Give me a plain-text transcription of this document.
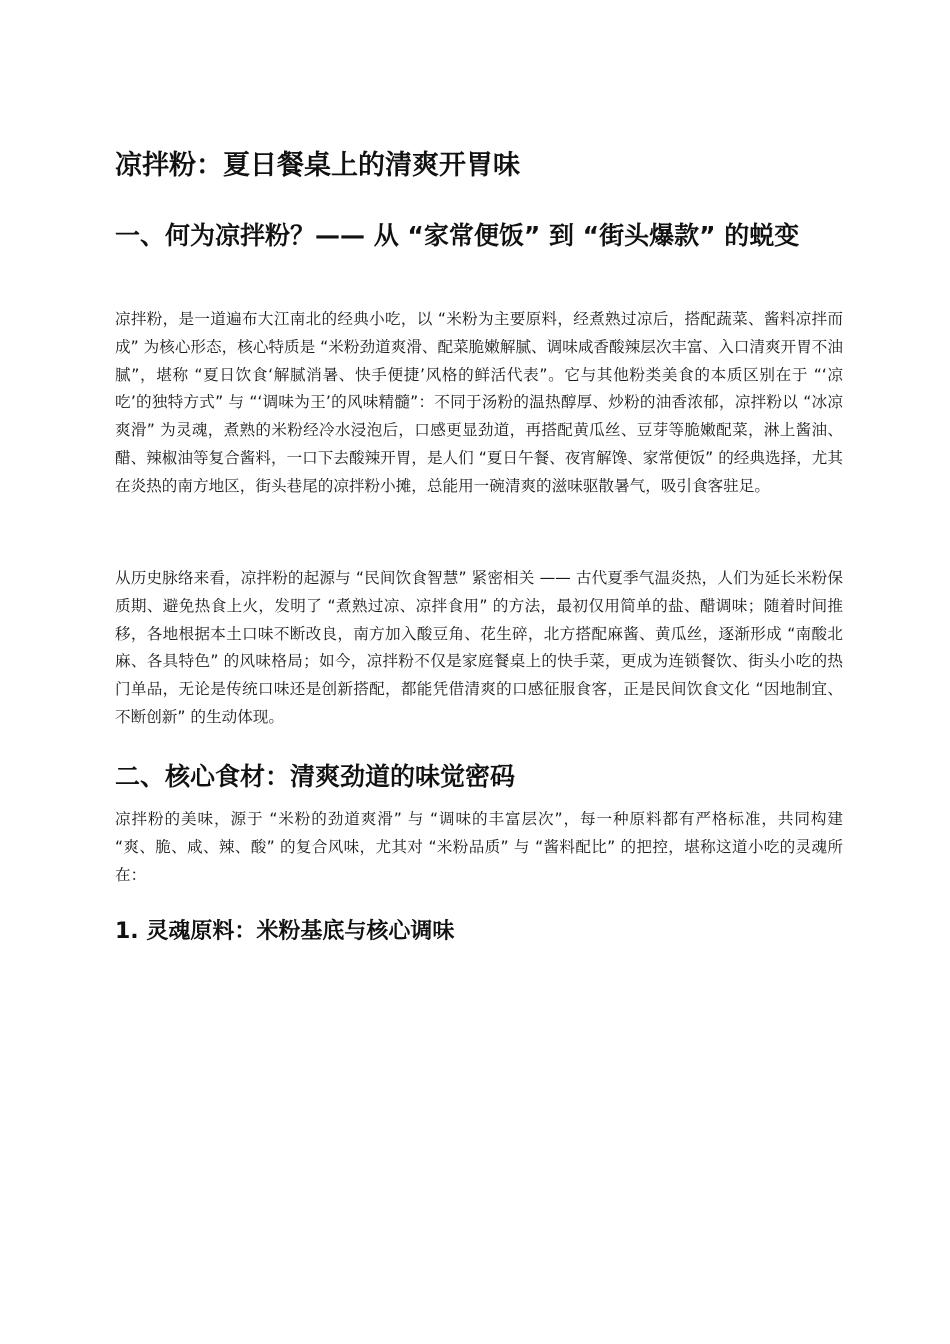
凉拌粉：夏日餐桌上的清爽开胃味
一、何为凉拌粉？—— 从 “家常便饭” 到 “街头爆款” 的蜕变

凉拌粉，是一道遍布大江南北的经典小吃，以 “米粉为主要原料，经煮熟过凉后，搭配蔬菜、酱料凉拌而成” 为核心形态，核心特质是 “米粉劲道爽滑、配菜脆嫩解腻、调味咸香酸辣层次丰富、入口清爽开胃不油腻”，堪称 “夏日饮食‘解腻消暑、快手便捷’风格的鲜活代表”。它与其他粉类美食的本质区别在于 “‘凉吃’的独特方式” 与 “‘调味为王’的风味精髓”：不同于汤粉的温热醇厚、炒粉的油香浓郁，凉拌粉以 “冰凉爽滑” 为灵魂，煮熟的米粉经冷水浸泡后，口感更显劲道，再搭配黄瓜丝、豆芽等脆嫩配菜，淋上酱油、醋、辣椒油等复合酱料，一口下去酸辣开胃，是人们 “夏日午餐、夜宵解馋、家常便饭” 的经典选择，尤其在炎热的南方地区，街头巷尾的凉拌粉小摊，总能用一碗清爽的滋味驱散暑气，吸引食客驻足。

从历史脉络来看，凉拌粉的起源与 “民间饮食智慧” 紧密相关 —— 古代夏季气温炎热，人们为延长米粉保质期、避免热食上火，发明了 “煮熟过凉、凉拌食用” 的方法，最初仅用简单的盐、醋调味；随着时间推移，各地根据本土口味不断改良，南方加入酸豆角、花生碎，北方搭配麻酱、黄瓜丝，逐渐形成 “南酸北麻、各具特色” 的风味格局；如今，凉拌粉不仅是家庭餐桌上的快手菜，更成为连锁餐饮、街头小吃的热门单品，无论是传统口味还是创新搭配，都能凭借清爽的口感征服食客，正是民间饮食文化 “因地制宜、不断创新” 的生动体现。

二、核心食材：清爽劲道的味觉密码

凉拌粉的美味，源于 “米粉的劲道爽滑” 与 “调味的丰富层次”，每一种原料都有严格标准，共同构建 “爽、脆、咸、辣、酸” 的复合风味，尤其对 “米粉品质” 与 “酱料配比” 的把控，堪称这道小吃的灵魂所在：

1. 灵魂原料：米粉基底与核心调味
